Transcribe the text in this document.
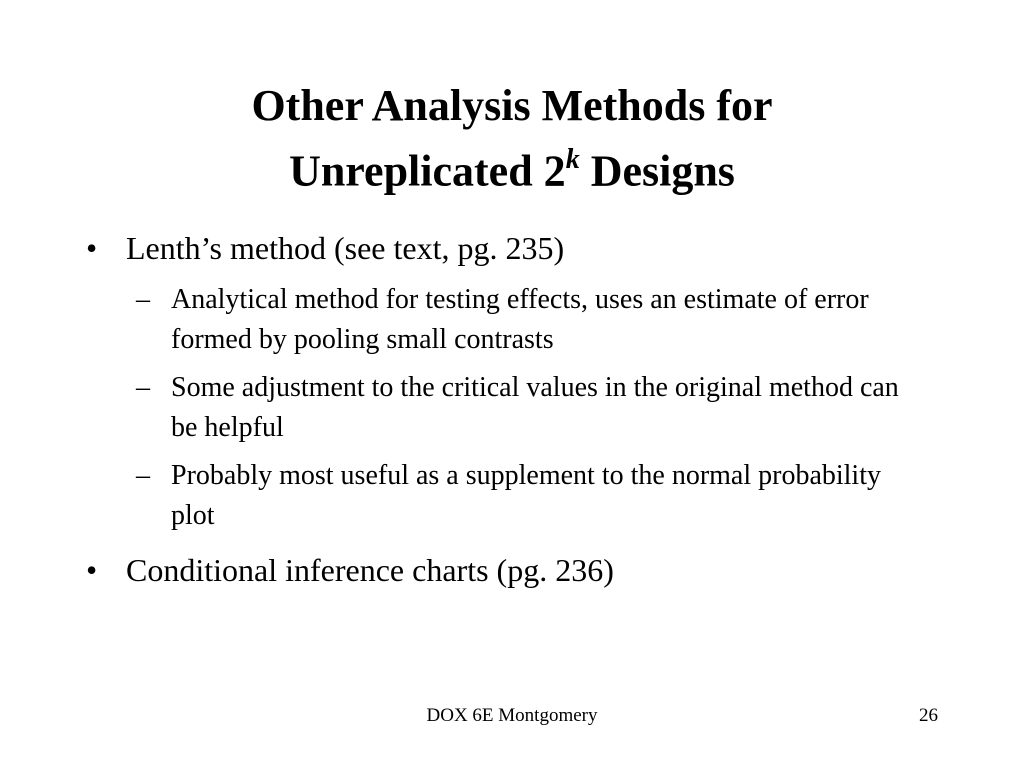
Other Analysis Methods for
Unreplicated 2$^k$ Designs
• Lenth’s method (see text, pg. 235)
– Analytical method for testing effects, uses an estimate of error formed by pooling small contrasts
– Some adjustment to the critical values in the original method can be helpful
– Probably most useful as a supplement to the normal probability plot
• Conditional inference charts (pg. 236)
DOX 6E Montgomery	26
